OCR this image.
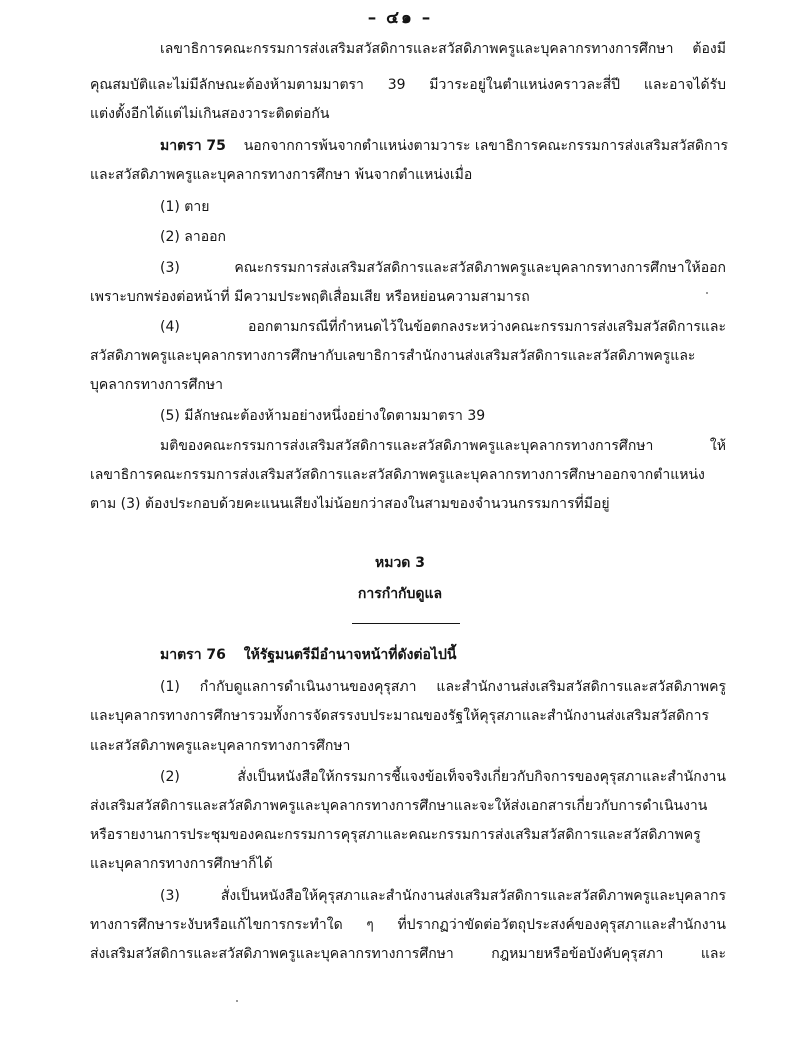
– ๔๑ –
เลขาธิการคณะกรรมการส่งเสริมสวัสดิการและสวัสดิภาพครูและบุคลากรทางการศึกษา ต้องมี
คุณสมบัติและไม่มีลักษณะต้องห้ามตามมาตรา 39 มีวาระอยู่ในตำแหน่งคราวละสี่ปี และอาจได้รับ
แต่งตั้งอีกได้แต่ไม่เกินสองวาระติดต่อกัน
มาตรา 75 นอกจากการพ้นจากตำแหน่งตามวาระ เลขาธิการคณะกรรมการส่งเสริมสวัสดิการ
และสวัสดิภาพครูและบุคลากรทางการศึกษา พ้นจากตำแหน่งเมื่อ
(1) ตาย
(2) ลาออก
(3) คณะกรรมการส่งเสริมสวัสดิการและสวัสดิภาพครูและบุคลากรทางการศึกษาให้ออก
เพราะบกพร่องต่อหน้าที่ มีความประพฤติเสื่อมเสีย หรือหย่อนความสามารถ
(4) ออกตามกรณีที่กำหนดไว้ในข้อตกลงระหว่างคณะกรรมการส่งเสริมสวัสดิการและ
สวัสดิภาพครูและบุคลากรทางการศึกษากับเลขาธิการสำนักงานส่งเสริมสวัสดิการและสวัสดิภาพครูและ
บุคลากรทางการศึกษา
(5) มีลักษณะต้องห้ามอย่างหนึ่งอย่างใดตามมาตรา 39
มติของคณะกรรมการส่งเสริมสวัสดิการและสวัสดิภาพครูและบุคลากรทางการศึกษา ให้
เลขาธิการคณะกรรมการส่งเสริมสวัสดิการและสวัสดิภาพครูและบุคลากรทางการศึกษาออกจากตำแหน่ง
ตาม (3) ต้องประกอบด้วยคะแนนเสียงไม่น้อยกว่าสองในสามของจำนวนกรรมการที่มีอยู่
หมวด 3
การกำกับดูแล
มาตรา 76 ให้รัฐมนตรีมีอำนาจหน้าที่ดังต่อไปนี้
(1) กำกับดูแลการดำเนินงานของคุรุสภา และสำนักงานส่งเสริมสวัสดิการและสวัสดิภาพครู
และบุคลากรทางการศึกษารวมทั้งการจัดสรรงบประมาณของรัฐให้คุรุสภาและสำนักงานส่งเสริมสวัสดิการ
และสวัสดิภาพครูและบุคลากรทางการศึกษา
(2) สั่งเป็นหนังสือให้กรรมการชี้แจงข้อเท็จจริงเกี่ยวกับกิจการของคุรุสภาและสำนักงาน
ส่งเสริมสวัสดิการและสวัสดิภาพครูและบุคลากรทางการศึกษาและจะให้ส่งเอกสารเกี่ยวกับการดำเนินงาน
หรือรายงานการประชุมของคณะกรรมการคุรุสภาและคณะกรรมการส่งเสริมสวัสดิการและสวัสดิภาพครู
และบุคลากรทางการศึกษาก็ได้
(3) สั่งเป็นหนังสือให้คุรุสภาและสำนักงานส่งเสริมสวัสดิการและสวัสดิภาพครูและบุคลากร
ทางการศึกษาระงับหรือแก้ไขการกระทำใด ๆ ที่ปรากฏว่าขัดต่อวัตถุประสงค์ของคุรุสภาและสำนักงาน
ส่งเสริมสวัสดิการและสวัสดิภาพครูและบุคลากรทางการศึกษา กฎหมายหรือข้อบังคับคุรุสภา และ
